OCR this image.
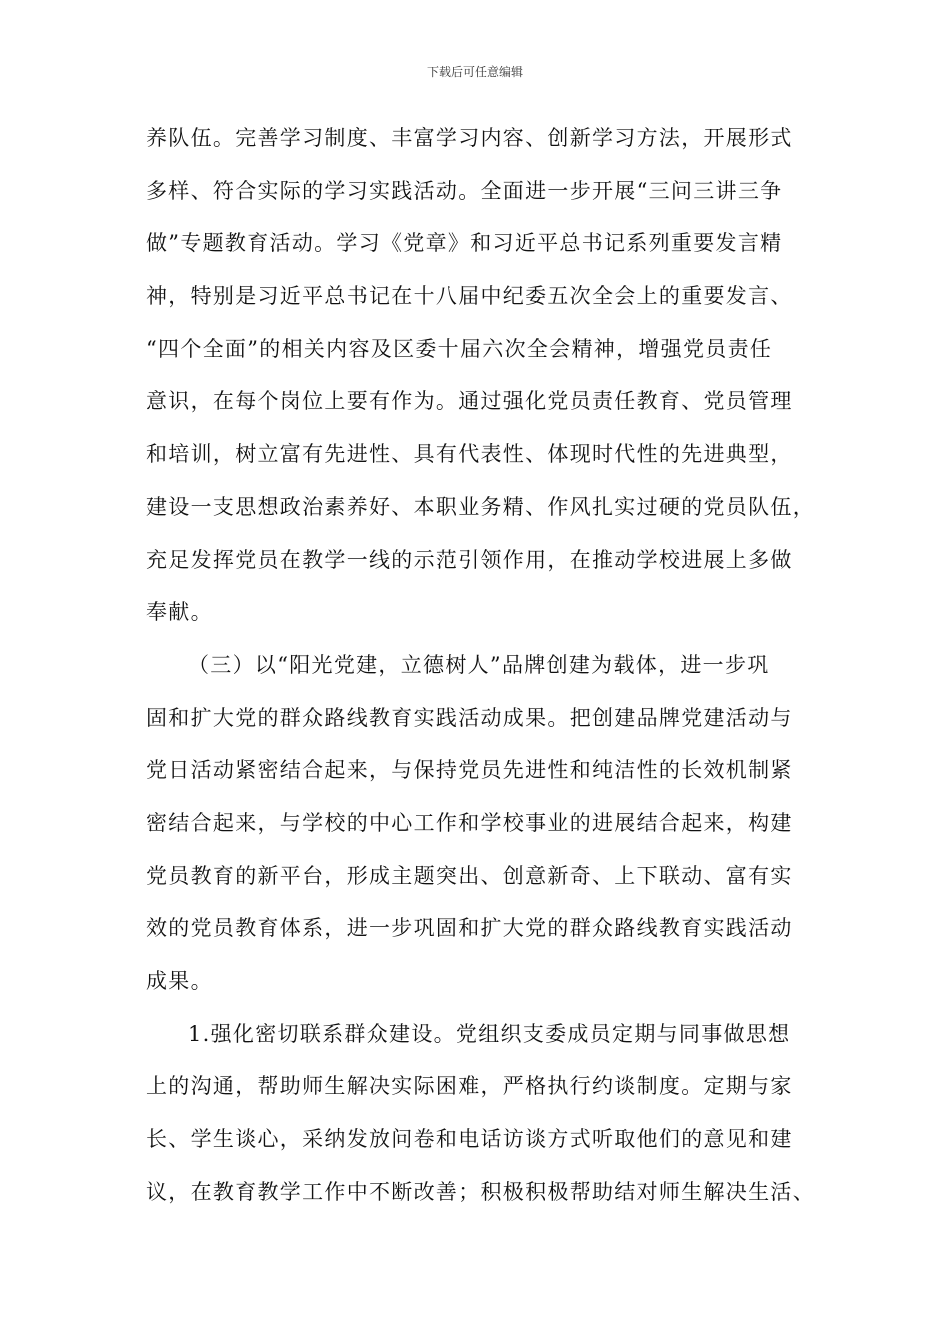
下载后可任意编辑
养队伍。完善学习制度、丰富学习内容、创新学习方法，开展形式
多样、符合实际的学习实践活动。全面进一步开展“三问三讲三争
做”专题教育活动。学习《党章》和习近平总书记系列重要发言精
神，特别是习近平总书记在十八届中纪委五次全会上的重要发言、
“四个全面”的相关内容及区委十届六次全会精神，增强党员责任
意识，在每个岗位上要有作为。通过强化党员责任教育、党员管理
和培训，树立富有先进性、具有代表性、体现时代性的先进典型，
建设一支思想政治素养好、本职业务精、作风扎实过硬的党员队伍，
充足发挥党员在教学一线的示范引领作用，在推动学校进展上多做
奉献。
（三）以“阳光党建，立德树人”品牌创建为载体，进一步巩
固和扩大党的群众路线教育实践活动成果。把创建品牌党建活动与
党日活动紧密结合起来，与保持党员先进性和纯洁性的长效机制紧
密结合起来，与学校的中心工作和学校事业的进展结合起来，构建
党员教育的新平台，形成主题突出、创意新奇、上下联动、富有实
效的党员教育体系，进一步巩固和扩大党的群众路线教育实践活动
成果。
1.强化密切联系群众建设。党组织支委成员定期与同事做思想
上的沟通，帮助师生解决实际困难，严格执行约谈制度。定期与家
长、学生谈心，采纳发放问卷和电话访谈方式听取他们的意见和建
议，在教育教学工作中不断改善；积极积极帮助结对师生解决生活、
